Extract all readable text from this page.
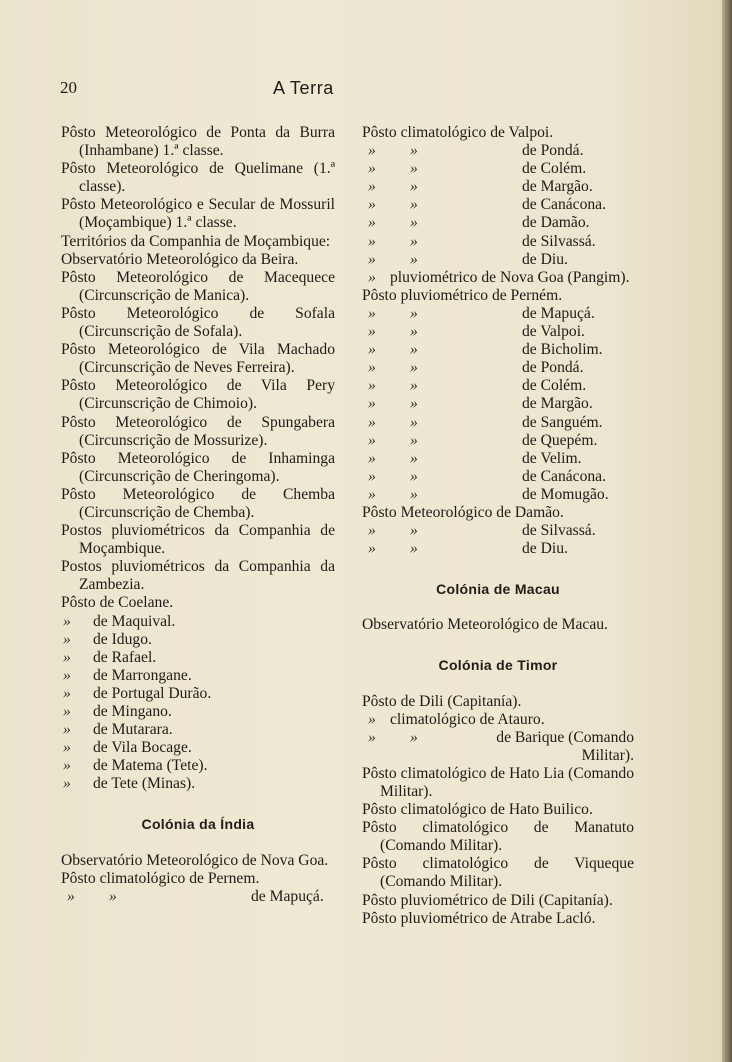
20	A Terra
Pôsto Meteorológico de Ponta da Burra (Inhambane) 1.ª classe.
Pôsto Meteorológico de Quelimane (1.ª classe).
Pôsto Meteorológico e Secular de Mossuril (Moçambique) 1.ª classe.
Territórios da Companhia de Moçambique:
Observatório Meteorológico da Beira.
Pôsto Meteorológico de Macequece (Circunscrição de Manica).
Pôsto Meteorológico de Sofala (Circunscrição de Sofala).
Pôsto Meteorológico de Vila Machado (Circunscrição de Neves Ferreira).
Pôsto Meteorológico de Vila Pery (Circunscrição de Chimoio).
Pôsto Meteorológico de Spungabera (Circunscrição de Mossurize).
Pôsto Meteorológico de Inhaminga (Circunscrição de Cheringoma).
Pôsto Meteorológico de Chemba (Circunscrição de Chemba).
Postos pluviométricos da Companhia de Moçambique.
Postos pluviométricos da Companhia da Zambezia.
Pôsto de Coelane.
»	de Maquival.
»	de Idugo.
»	de Rafael.
»	de Marrongane.
»	de Portugal Durão.
»	de Mingano.
»	de Mutarara.
»	de Vila Bocage.
»	de Matema (Tete).
»	de Tete (Minas).
Colónia da Índia
Observatório Meteorológico de Nova Goa.
Pôsto climatológico de Pernem.
»	»	de Mapuçá.
Pôsto climatológico de Valpoi.
»	»	de Pondá.
»	»	de Colém.
»	»	de Margão.
»	»	de Canácona.
»	»	de Damão.
»	»	de Silvassá.
»	»	de Diu.
» pluviométrico de Nova Goa (Pangim).
Pôsto pluviométrico de Perném.
»	»	de Mapuçá.
»	»	de Valpoi.
»	»	de Bicholim.
»	»	de Pondá.
»	»	de Colém.
»	»	de Margão.
»	»	de Sanguém.
»	»	de Quepém.
»	»	de Velim.
»	»	de Canácona.
»	»	de Momugão.
Pôsto Meteorológico de Damão.
»	»	de Silvassá.
»	»	de Diu.
Colónia de Macau
Observatório Meteorológico de Macau.
Colónia de Timor
Pôsto de Dili (Capitanía).
» climatológico de Atauro.
»	»	de Barique (Comando Militar).
Pôsto climatológico de Hato Lia (Comando Militar).
Pôsto climatológico de Hato Builico.
Pôsto climatológico de Manatuto (Comando Militar).
Pôsto climatológico de Viqueque (Comando Militar).
Pôsto pluviométrico de Dili (Capitanía).
Pôsto pluviométrico de Atrabe Lacló.
